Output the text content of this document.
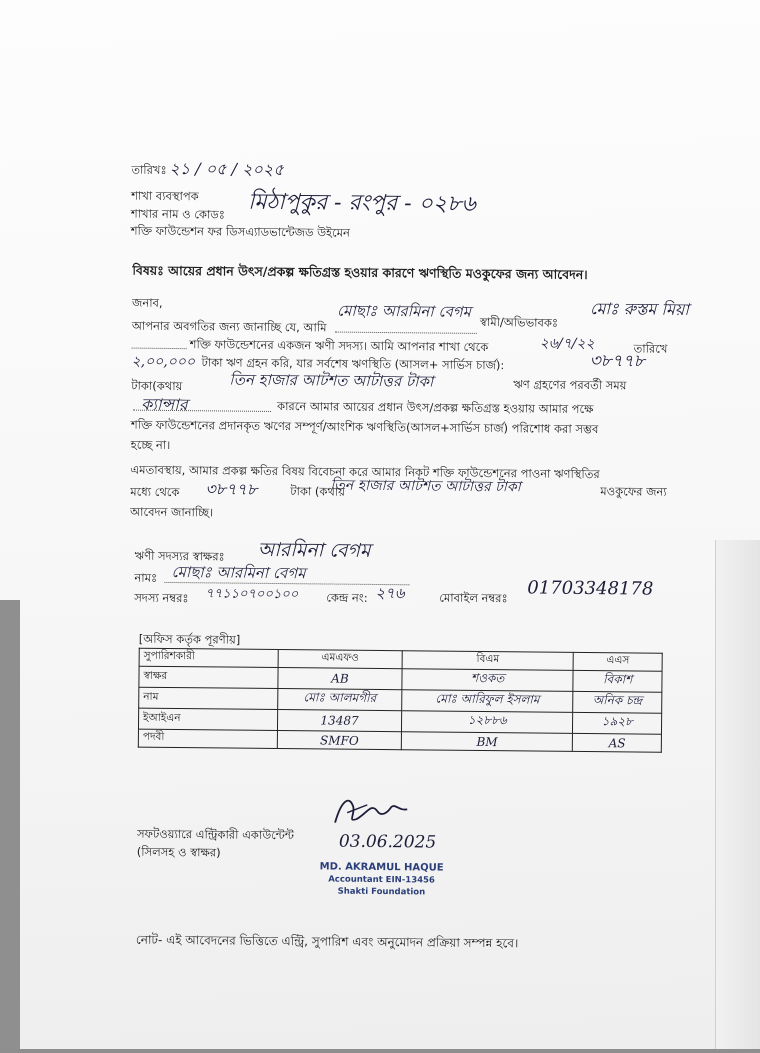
তারিখঃ ২১ / ০৫ / ২০২৫
শাখা ব্যবস্থাপক
শাখার নাম ও কোডঃ মিঠাপুকুর - রংপুর - ০২৮৬
শক্তি ফাউন্ডেশন ফর ডিসএ্যাডভান্টেজড উইমেন
বিষয়ঃ আয়ের প্রধান উৎস/প্রকল্প ক্ষতিগ্রস্ত হওয়ার কারণে ঋণস্থিতি মওকুফের জন্য আবেদন।
জনাব,
আপনার অবগতির জন্য জানাচ্ছি যে, আমি
মোছাঃ আরমিনা বেগম
স্বামী/অভিভাবকঃ
মোঃ রুস্তম মিয়া
শক্তি ফাউন্ডেশনের একজন ঋণী সদস্য। আমি আপনার শাখা থেকে	২৬/৭/২২	তারিখে
২,০০,০০০ টাকা ঋণ গ্রহন করি, যার সর্বশেষ ঋণস্থিতি (আসল+ সার্ভিস চার্জ):	৩৮৭৭৮
টাকা(কথায়	তিন হাজার আটশত আটাত্তর টাকা	ঋণ গ্রহণের পরবর্তী সময়
ক্যান্সার	কারনে আমার আয়ের প্রধান উৎস/প্রকল্প ক্ষতিগ্রস্ত হওয়ায় আমার পক্ষে
শক্তি ফাউন্ডেশনের প্রদানকৃত ঋণের সম্পূর্ণ/আংশিক ঋণস্থিতি(আসল+সার্ভিস চার্জ) পরিশোধ করা সম্ভব
হচ্ছে না।
এমতাবস্থায়, আমার প্রকল্প ক্ষতির বিষয় বিবেচনা করে আমার নিকট শক্তি ফাউন্ডেশনের পাওনা ঋণস্থিতির
মধ্যে থেকে ৩৮৭৭৮	টাকা (কথায়
তিন হাজার আটশত আটাত্তর টাকা	মওকুফের জন্য
আবেদন জানাচ্ছি।
ঋণী সদস্যর স্বাক্ষরঃ আরমিনা বেগম
নামঃ মোছাঃ আরমিনা বেগম
সদস্য নম্বরঃ ৭৭১১০৭০০১০০ কেন্দ্র নং: ২৭৬	মোবাইল নম্বরঃ 01703348178
[অফিস কর্তৃক পূরণীয়]
সুপারিশকারী	এমএফও	বিএম	এএস
স্বাক্ষর	AB	শওকত	বিকাশ
নাম	মোঃ আলমগীর	মোঃ আরিফুল ইসলাম	অনিক চন্দ্র
ইআইএন	13487	১২৮৮৬	১৯২৮
পদবী	SMFO	BM	AS
সফটওয়্যারে এন্ট্রিকারী একাউন্টেন্ট
(সিলসহ ও স্বাক্ষর)	03.06.2025
MD. AKRAMUL HAQUE
Accountant EIN-13456
Shakti Foundation
নোট- এই আবেদনের ভিত্তিতে এন্ট্রি, সুপারিশ এবং অনুমোদন প্রক্রিয়া সম্পন্ন হবে।
